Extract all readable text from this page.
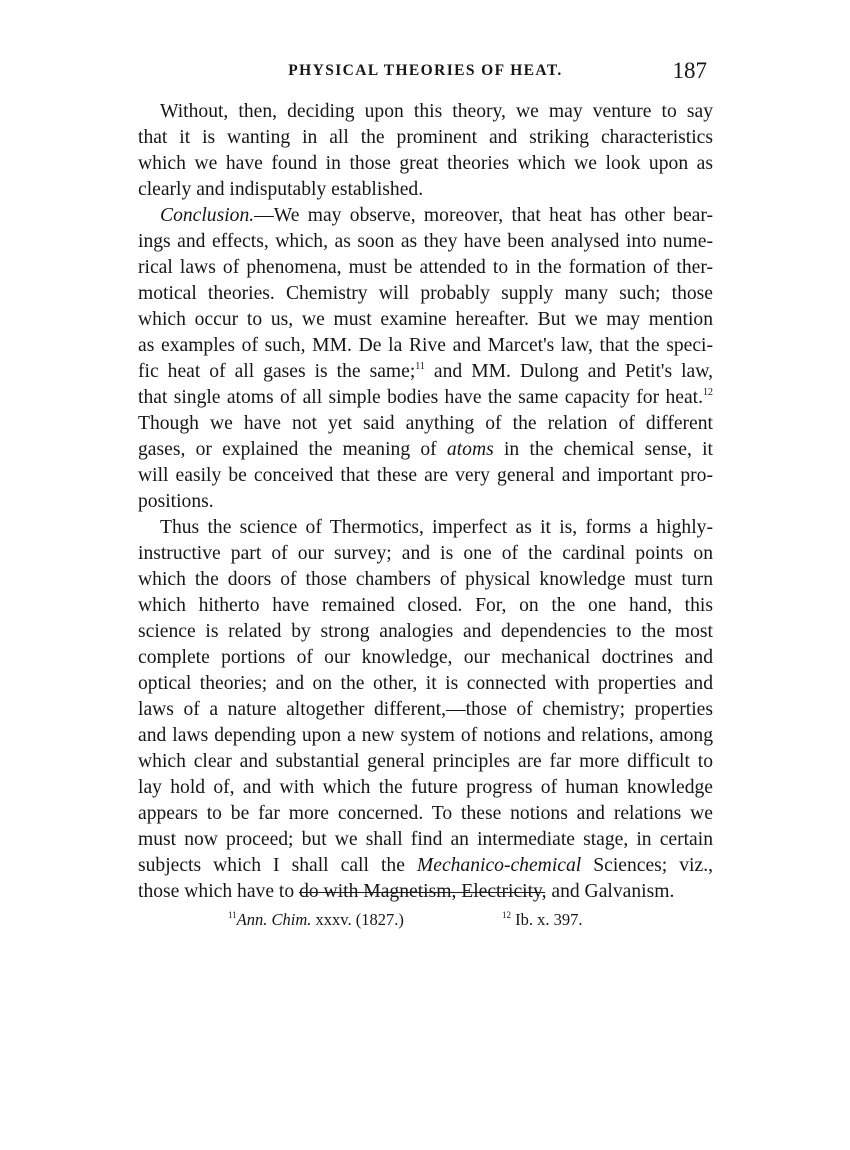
PHYSICAL THEORIES OF HEAT.	187
Without, then, deciding upon this theory, we may venture to say
that it is wanting in all the prominent and striking characteristics
which we have found in those great theories which we look upon as
clearly and indisputably established.
Conclusion.—We may observe, moreover, that heat has other bear-
ings and effects, which, as soon as they have been analysed into nume-
rical laws of phenomena, must be attended to in the formation of ther-
motical theories. Chemistry will probably supply many such; those
which occur to us, we must examine hereafter. But we may mention
as examples of such, MM. De la Rive and Marcet's law, that the speci-
fic heat of all gases is the same;$^{11}$ and MM. Dulong and Petit's law,
that single atoms of all simple bodies have the same capacity for heat.$^{12}$
Though we have not yet said anything of the relation of different
gases, or explained the meaning of atoms in the chemical sense, it
will easily be conceived that these are very general and important pro-
positions.
Thus the science of Thermotics, imperfect as it is, forms a highly-
instructive part of our survey; and is one of the cardinal points on
which the doors of those chambers of physical knowledge must turn
which hitherto have remained closed. For, on the one hand, this
science is related by strong analogies and dependencies to the most
complete portions of our knowledge, our mechanical doctrines and
optical theories; and on the other, it is connected with properties and
laws of a nature altogether different,—those of chemistry; properties
and laws depending upon a new system of notions and relations, among
which clear and substantial general principles are far more difficult to
lay hold of, and with which the future progress of human knowledge
appears to be far more concerned. To these notions and relations we
must now proceed; but we shall find an intermediate stage, in certain
subjects which I shall call the Mechanico-chemical Sciences; viz.,
those which have to do with Magnetism, Electricity, and Galvanism.
$^{11}$Ann. Chim. xxxv. (1827.)	$^{12}$ Ib. x. 397.
